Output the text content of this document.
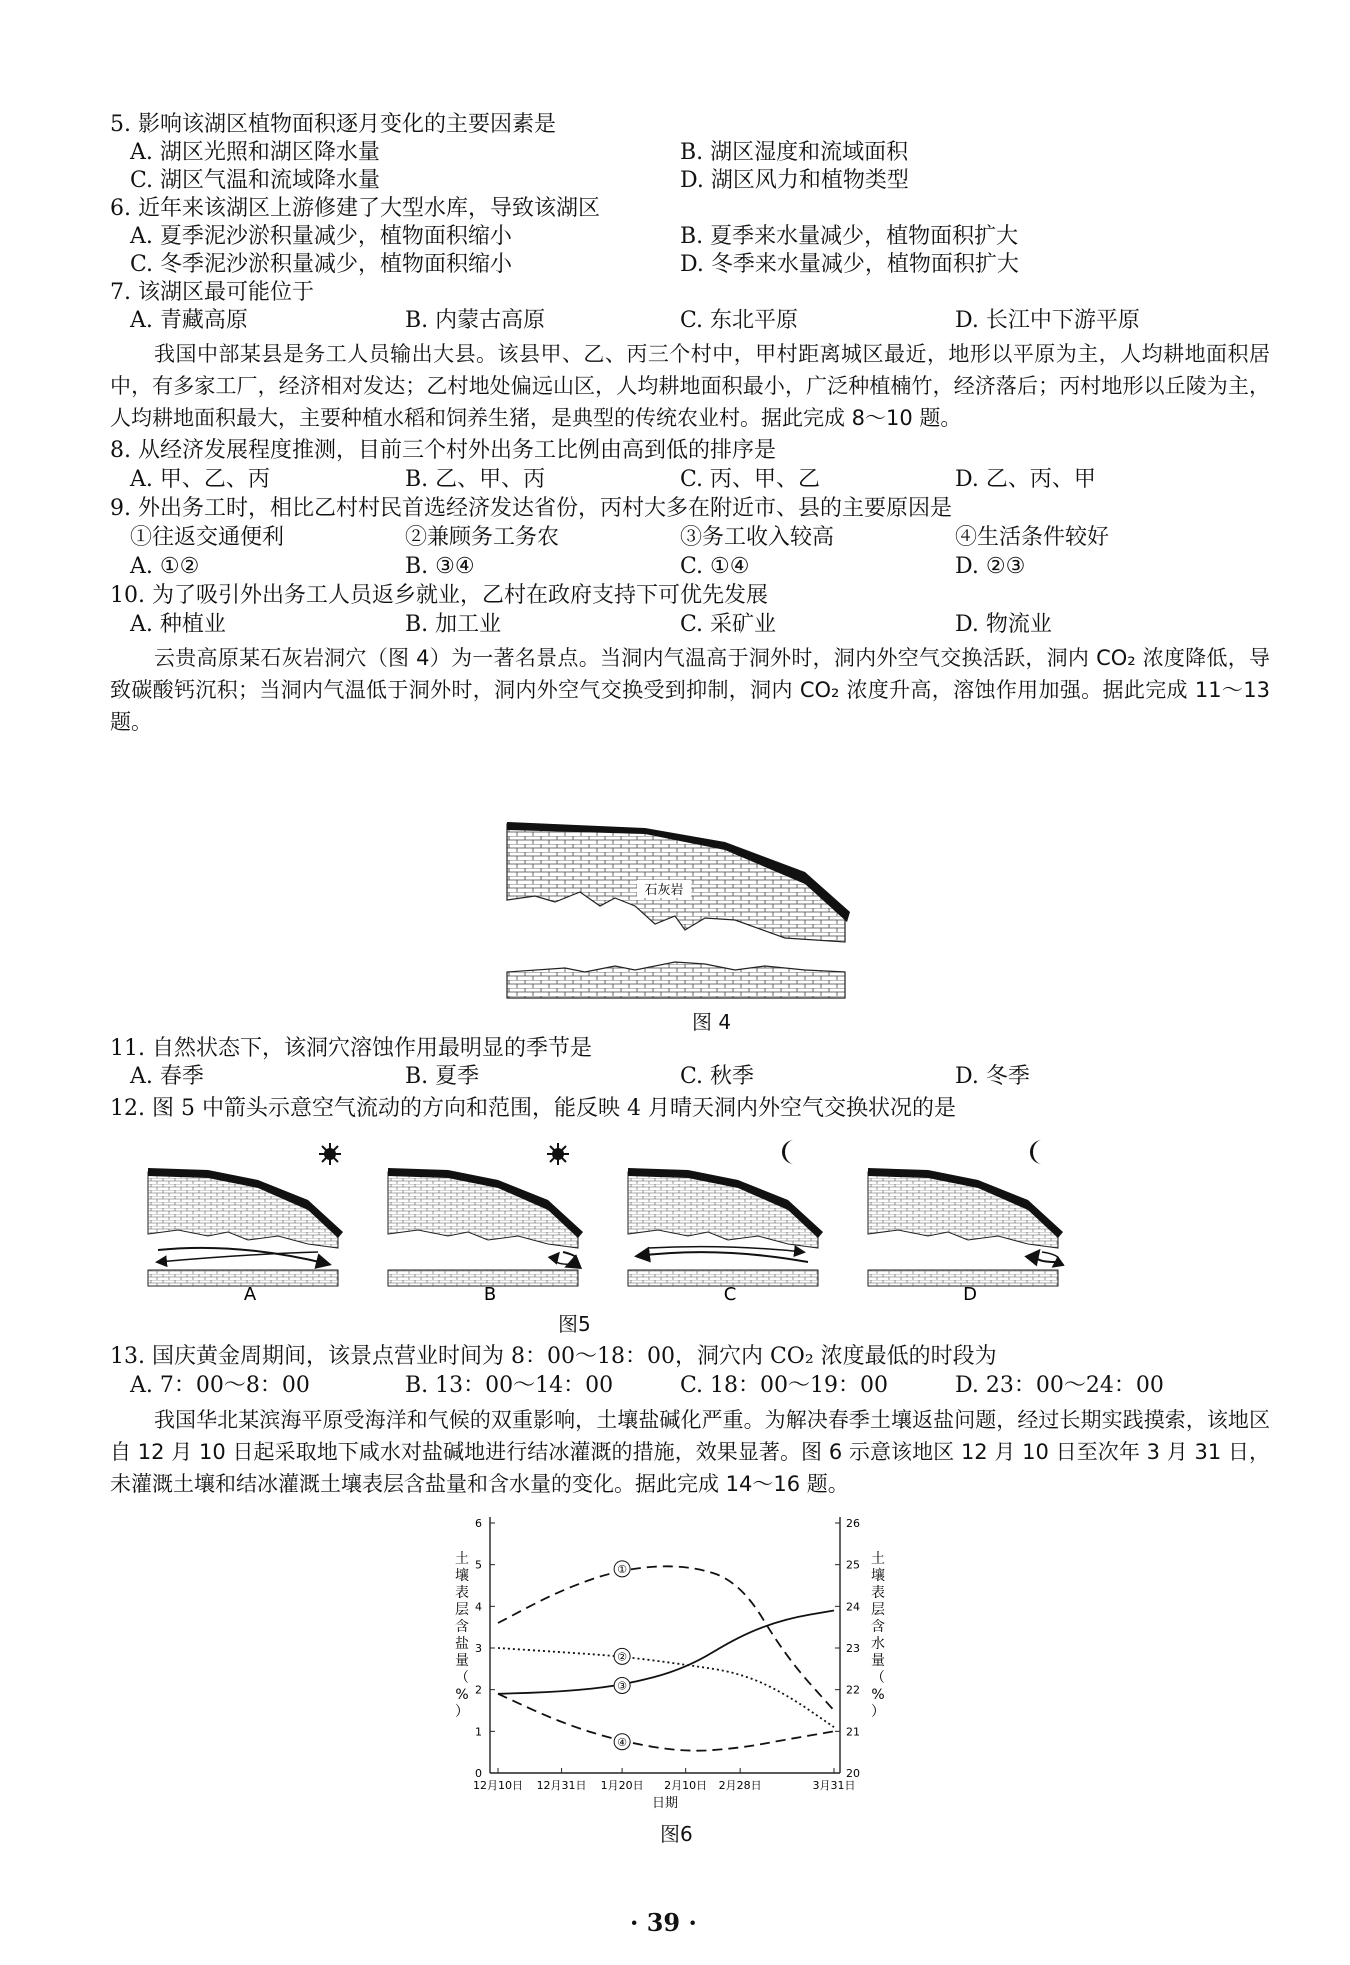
5. 影响该湖区植物面积逐月变化的主要因素是
A. 湖区光照和湖区降水量	B. 湖区湿度和流域面积
C. 湖区气温和流域降水量	D. 湖区风力和植物类型
6. 近年来该湖区上游修建了大型水库，导致该湖区
A. 夏季泥沙淤积量减少，植物面积缩小	B. 夏季来水量减少，植物面积扩大
C. 冬季泥沙淤积量减少，植物面积缩小	D. 冬季来水量减少，植物面积扩大
7. 该湖区最可能位于
A. 青藏高原	B. 内蒙古高原	C. 东北平原	D. 长江中下游平原
我国中部某县是务工人员输出大县。该县甲、乙、丙三个村中，甲村距离城区最近，地形以平原为主，人均耕地面积居中，有多家工厂，经济相对发达；乙村地处偏远山区，人均耕地面积最小，广泛种植楠竹，经济落后；丙村地形以丘陵为主，人均耕地面积最大，主要种植水稻和饲养生猪，是典型的传统农业村。据此完成 8～10 题。
8. 从经济发展程度推测，目前三个村外出务工比例由高到低的排序是
A. 甲、乙、丙	B. 乙、甲、丙	C. 丙、甲、乙	D. 乙、丙、甲
9. 外出务工时，相比乙村村民首选经济发达省份，丙村大多在附近市、县的主要原因是
①往返交通便利	②兼顾务工务农	③务工收入较高	④生活条件较好
A. ①②	B. ③④	C. ①④	D. ②③
10. 为了吸引外出务工人员返乡就业，乙村在政府支持下可优先发展
A. 种植业	B. 加工业	C. 采矿业	D. 物流业
云贵高原某石灰岩洞穴（图 4）为一著名景点。当洞内气温高于洞外时，洞内外空气交换活跃，洞内 CO₂ 浓度降低，导致碳酸钙沉积；当洞内气温低于洞外时，洞内外空气交换受到抑制，洞内 CO₂ 浓度升高，溶蚀作用加强。据此完成 11～13 题。
石灰岩
图 4
11. 自然状态下，该洞穴溶蚀作用最明显的季节是
A. 春季	B. 夏季	C. 秋季	D. 冬季
12. 图 5 中箭头示意空气流动的方向和范围，能反映 4 月晴天洞内外空气交换状况的是
A	B	C	D
图5
13. 国庆黄金周期间，该景点营业时间为 8：00～18：00，洞穴内 CO₂ 浓度最低的时段为
A. 7：00～8：00	B. 13：00～14：00	C. 18：00～19：00	D. 23：00～24：00
我国华北某滨海平原受海洋和气候的双重影响，土壤盐碱化严重。为解决春季土壤返盐问题，经过长期实践摸索，该地区自 12 月 10 日起采取地下咸水对盐碱地进行结冰灌溉的措施，效果显著。图 6 示意该地区 12 月 10 日至次年 3 月 31 日，未灌溉土壤和结冰灌溉土壤表层含盐量和含水量的变化。据此完成 14～16 题。
0
1
2
3
4
5
6
20
21
22
23
24
25
26
12月10日 12月31日 1月20日 2月10日 2月28日	3月31日
日期
土
壤
表
层
含
盐
量
（
%
）
土
壤
表
层
含
水
量
（
%
）
①
②
③
④
图6
· 39 ·
